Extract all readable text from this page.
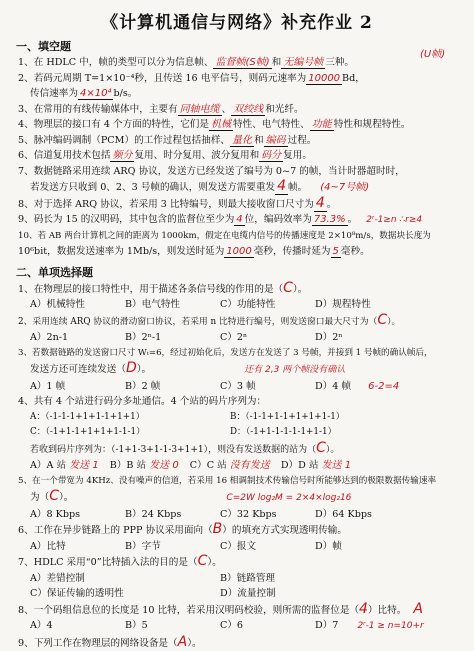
《计算机通信与网络》补充作业 2
一、填空题
1、在 HDLC 中，帧的类型可以分为信息帧、 监督帧(S帧) 和 无编号帧 三种。
(U帧)
2、若码元周期 T=1×10⁻⁴秒，且传送 16 电平信号，则码元速率为 10000 Bd，
传信速率为 4×10⁴ b/s。
3、在常用的有线传输媒体中，主要有 同轴电缆 、 双绞线 和光纤。
4、物理层的接口有 4 个方面的特性，它们是 机械 特性、电气特性、 功能 特性和规程特性。
5、脉冲编码调制（PCM）的工作过程包括抽样、 量化 和 编码 过程。
6、信道复用技术包括 频分 复用、时分复用、波分复用和 码分 复用。
7、数据链路采用连续 ARQ 协议，发送方已经发送了编号为 0~7 的帧，当计时器超时时，
若发送方只收到 0、2、3 号帧的确认，则发送方需要重发 4 帧。 (4~7号帧)
8、对于选择 ARQ 协议，若采用 3 比特编号，则最大接收窗口尺寸为 4 。
9、码长为 15 的汉明码，其中包含的监督位至少为 4 位，编码效率为 73.3% 。 2ʳ-1≥n ∴r≥4
10、若 AB 两台计算机之间的距离为 1000km，假定在电缆内信号的传播速度是 2×10⁸m/s，数据块长度为
10⁶bit，数据发送速率为 1Mb/s，则发送时延为 1000 毫秒，传播时延为 5 毫秒。
二、单项选择题
1、在物理层的接口特性中，用于描述各条信号线的作用的是（C）。
A）机械特性	B）电气特性	C）功能特性	D）规程特性
2、采用连续 ARQ 协议的滑动窗口协议，若采用 n 比特进行编号，则发送窗口最大尺寸为（C）。
A）2n-1	B）2ⁿ-1	C）2ⁿ	D）2ⁿ
3、若数据链路的发送窗口尺寸 Wₜ=6，经过初始化后，发送方在发送了 3 号帧，并接到 1 号帧的确认帧后，
发送方还可连续发送（D）。	还有 2,3 两个帧没有确认
A）1 帧	B）2 帧	C）3 帧	D）4 帧 6-2=4
4、共有 4 个站进行码分多址通信。4 个站的码片序列为：
A：（-1-1-1+1+1-1+1+1）	B：（-1-1+1-1+1+1+1-1）
C：（-1+1-1+1+1+1-1-1）	D：（-1+1-1-1-1-1+1-1）
若收到码片序列为：（-1+1-3+1-1-3+1+1），则没有发送数据的站为（C）。
A）A 站 发送 1 B）B 站 发送 0 C）C 站 没有发送 D）D 站 发送 1
5、在一个带宽为 4KHz、没有噪声的信道，若采用 16 相调制技术传输信号时所能够达到的极限数据传输速率
为（C）。	C=2W log₂M = 2×4×log₂16
A）8 Kbps	B）24 Kbps	C）32 Kbps	D）64 Kbps
6、工作在异步链路上的 PPP 协议采用面向（B）的填充方式实现透明传输。
A）比特	B）字节	C）报文	D）帧
7、HDLC 采用“0”比特插入法的目的是（C）。
A）差错控制	B）链路管理
C）保证传输的透明性	D）流量控制
8、一个码组信息位的长度是 10 比特，若采用汉明码校验，则所需的监督位是（4）比特。 A
A）4	B）5	C）6	D）7 2ʳ-1 ≥ n=10+r
9、下列工作在物理层的网络设备是（A）。
